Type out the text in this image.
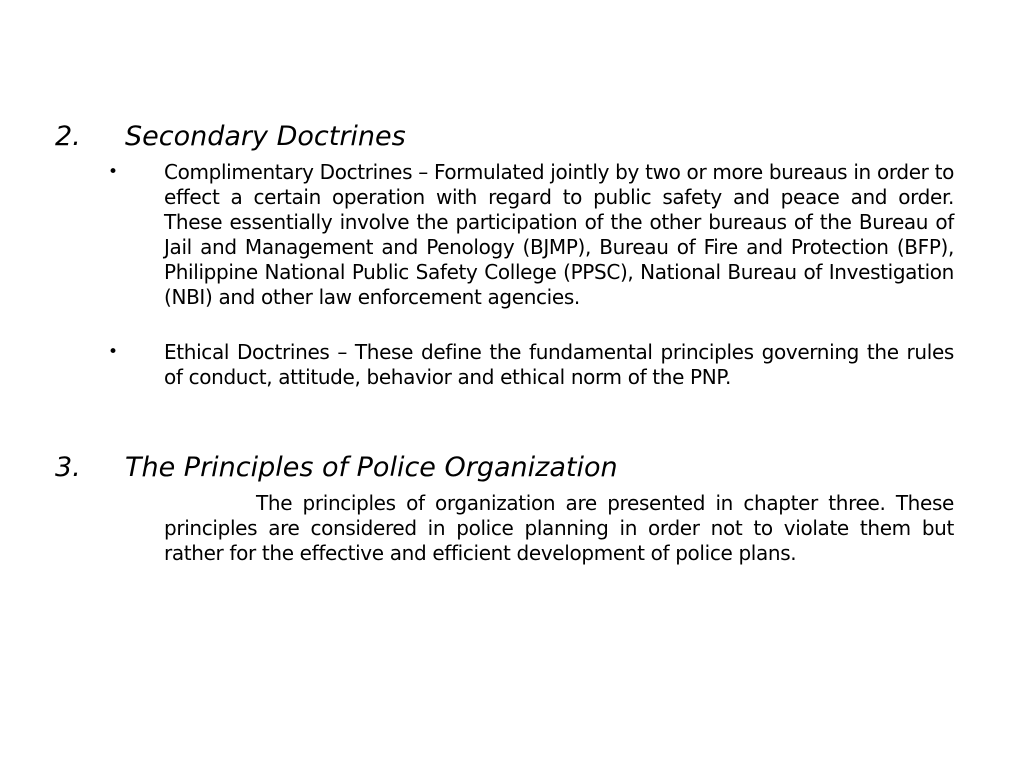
2. Secondary Doctrines
• Complimentary Doctrines – Formulated jointly by two or more bureaus in order to effect a certain operation with regard to public safety and peace and order. These essentially involve the participation of the other bureaus of the Bureau of Jail and Management and Penology (BJMP), Bureau of Fire and Protection (BFP), Philippine National Public Safety College (PPSC), National Bureau of Investigation (NBI) and other law enforcement agencies.
• Ethical Doctrines – These define the fundamental principles governing the rules of conduct, attitude, behavior and ethical norm of the PNP.
3. The Principles of Police Organization
The principles of organization are presented in chapter three. These principles are considered in police planning in order not to violate them but rather for the effective and efficient development of police plans.
